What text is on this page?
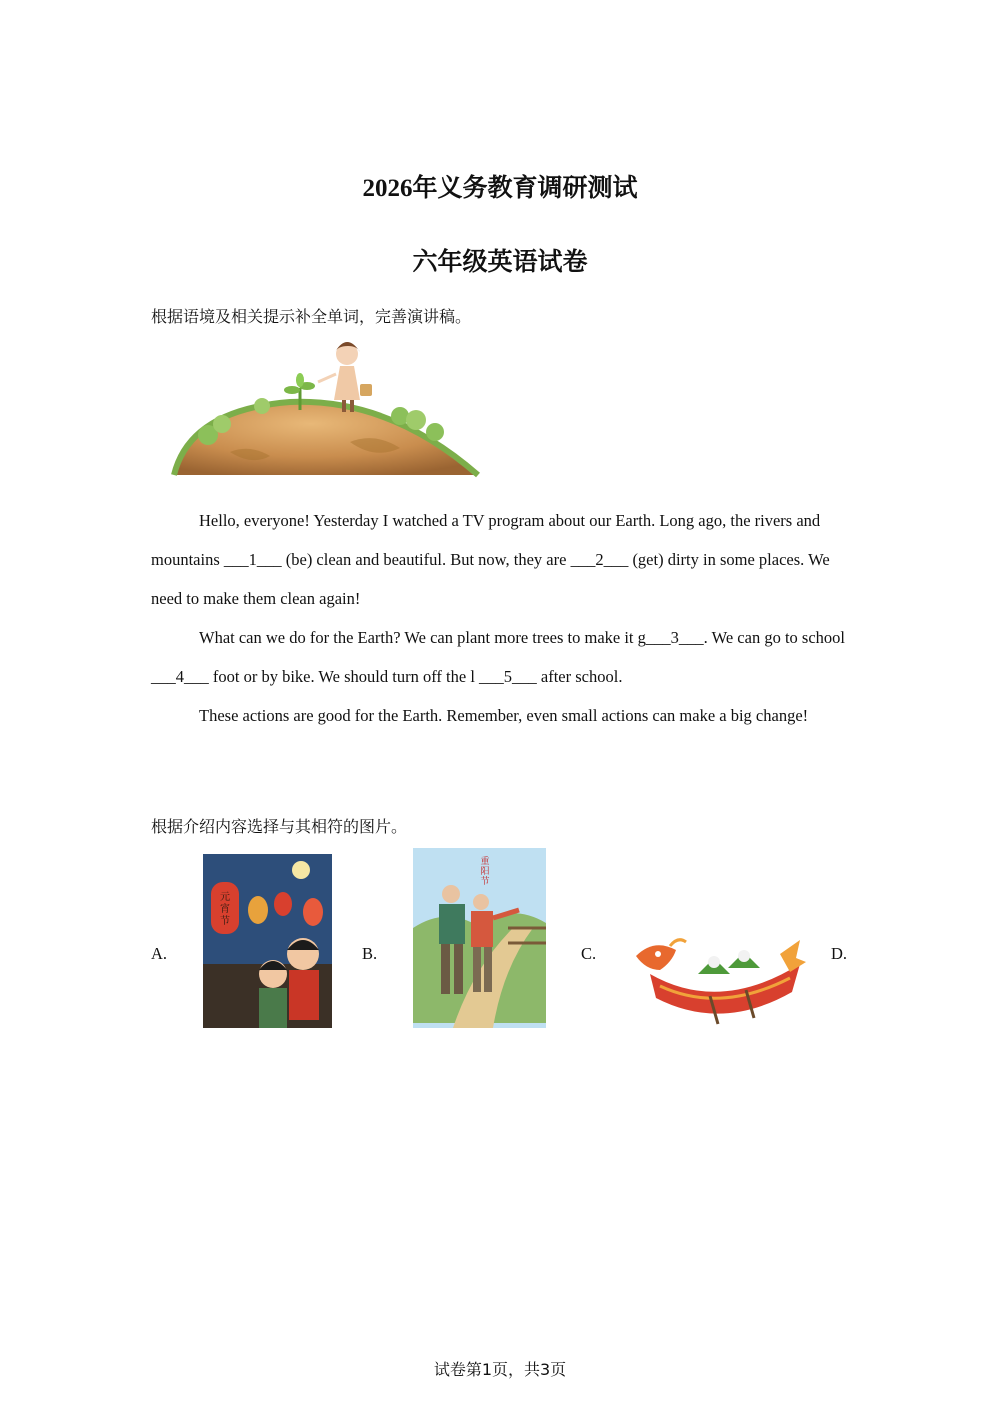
2026年义务教育调研测试
六年级英语试卷
根据语境及相关提示补全单词，完善演讲稿。

Hello, everyone! Yesterday I watched a TV program about our Earth. Long ago, the rivers and mountains ___1___ (be) clean and beautiful. But now, they are ___2___ (get) dirty in some places. We need to make them clean again!

What can we do for the Earth? We can plant more trees to make it g___3___. We can go to school ___4___ foot or by bike. We should turn off the l ___5___ after school.

These actions are good for the Earth. Remember, even small actions can make a big change!

根据介绍内容选择与其相符的图片。
A.
元
宵
节
B.
重
阳
节
C.	D.
试卷第1页，共3页
